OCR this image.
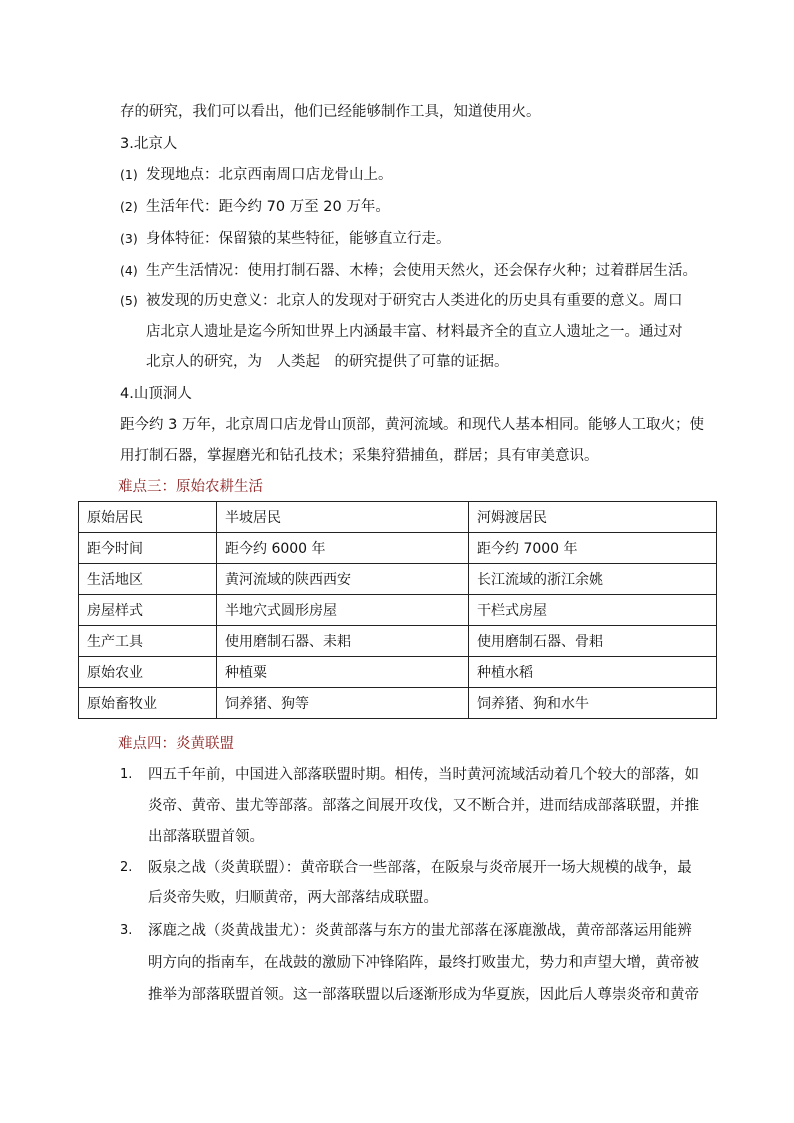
存的研究，我们可以看出，他们已经能够制作工具，知道使用火。
3.北京人
(1) 发现地点：北京西南周口店龙骨山上。
(2) 生活年代：距今约 70 万至 20 万年。
(3) 身体特征：保留猿的某些特征，能够直立行走。
(4) 生产生活情况：使用打制石器、木棒；会使用天然火，还会保存火种；过着群居生活。
(5) 被发现的历史意义：北京人的发现对于研究古人类进化的历史具有重要的意义。周口
店北京人遗址是迄今所知世界上内涵最丰富、材料最齐全的直立人遗址之一。通过对
北京人的研究，为　人类起　的研究提供了可靠的证据。
4.山顶洞人
距今约 3 万年，北京周口店龙骨山顶部，黄河流域。和现代人基本相同。能够人工取火；使
用打制石器，掌握磨光和钻孔技术；采集狩猎捕鱼，群居；具有审美意识。
难点三：原始农耕生活
原始居民	半坡居民	河姆渡居民
距今时间	距今约 6000 年	距今约 7000 年
生活地区	黄河流域的陕西西安	长江流域的浙江余姚
房屋样式	半地穴式圆形房屋	干栏式房屋
生产工具	使用磨制石器、耒耜	使用磨制石器、骨耜
原始农业	种植粟	种植水稻
原始畜牧业	饲养猪、狗等	饲养猪、狗和水牛
难点四：炎黄联盟
1. 四五千年前，中国进入部落联盟时期。相传，当时黄河流域活动着几个较大的部落，如
炎帝、黄帝、蚩尤等部落。部落之间展开攻伐，又不断合并，进而结成部落联盟，并推
出部落联盟首领。
2. 阪泉之战（炎黄联盟）：黄帝联合一些部落，在阪泉与炎帝展开一场大规模的战争，最
后炎帝失败，归顺黄帝，两大部落结成联盟。
3. 涿鹿之战（炎黄战蚩尤）：炎黄部落与东方的蚩尤部落在涿鹿激战，黄帝部落运用能辨
明方向的指南车，在战鼓的激励下冲锋陷阵，最终打败蚩尤，势力和声望大增，黄帝被
推举为部落联盟首领。这一部落联盟以后逐渐形成为华夏族，因此后人尊崇炎帝和黄帝
